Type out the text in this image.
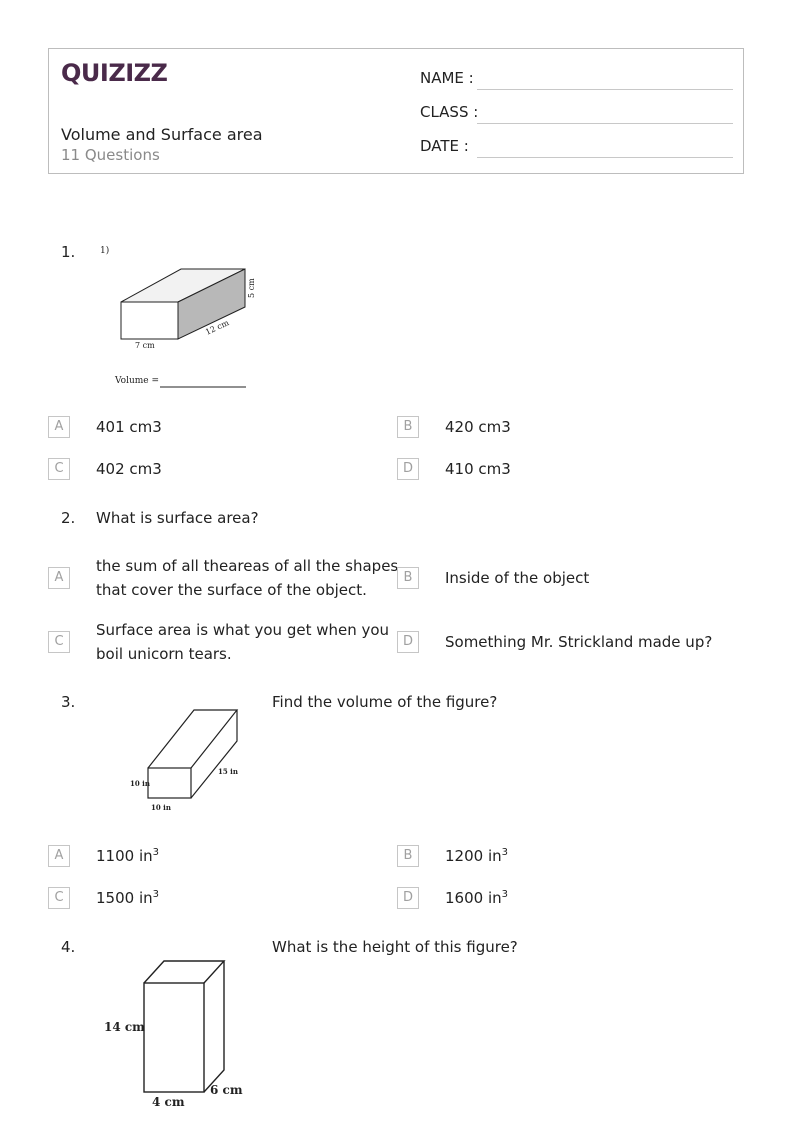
QUIZIZZ
Volume and Surface area
11 Questions
NAME :
CLASS :
DATE :
1.	1)
7 cm
12 cm
5 cm
Volume =
A	401 cm3	B	420 cm3
C	402 cm3	D	410 cm3
2. What is surface area?
A
the sum of all theareas of all the shapes
that cover the surface of the object.
B	Inside of the object
C
Surface area is what you get when you
boil unicorn tears.
D	Something Mr. Strickland made up?
3.	Find the volume of the figure?
10 in
10 in
15 in
A	1100 $in^3$	B	1200 $in^3$
C	1500 $in^3$	D	1600 $in^3$
4.	What is the height of this figure?
14 cm
4 cm
6 cm
